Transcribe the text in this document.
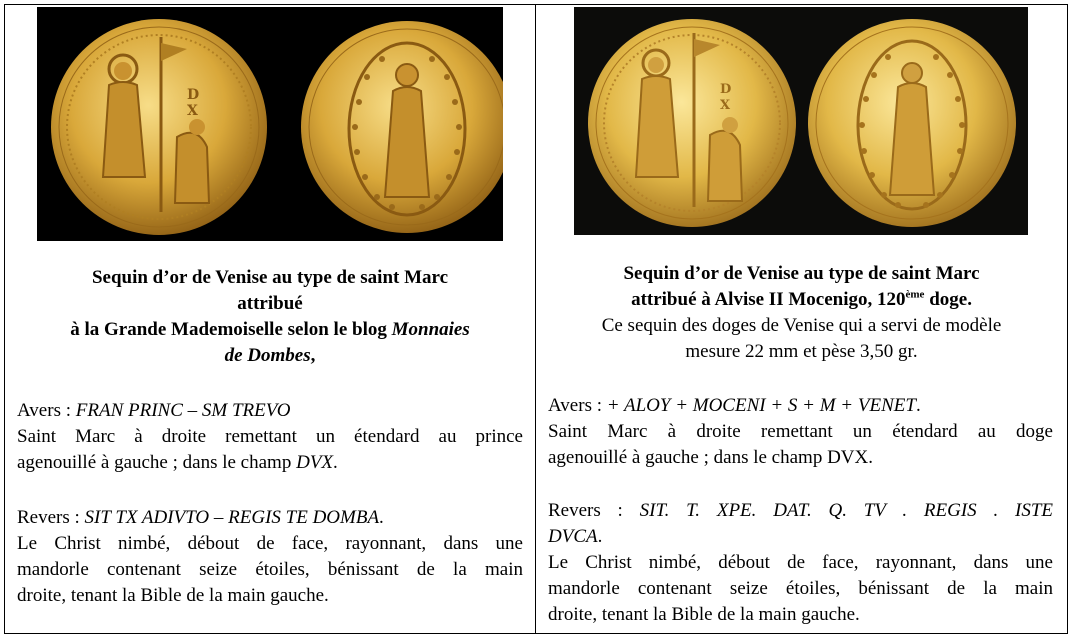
D
X
Sequin d’or de Venise au type de saint Marc
attribué
à la Grande Mademoiselle selon le blog Monnaies
de Dombes,

Avers : FRAN PRINC – SM TREVO

Saint Marc à droite remettant un étendard au prince

agenouillé à gauche ; dans le champ DVX.

Revers : SIT TX ADIVTO – REGIS TE DOMBA.

Le Christ nimbé, débout de face, rayonnant, dans une

mandorle contenant seize étoiles, bénissant de la main

droite, tenant la Bible de la main gauche.

D
X
Sequin d’or de Venise au type de saint Marc
attribué à Alvise II Mocenigo, 120ème doge.
Ce sequin des doges de Venise qui a servi de modèle
mesure 22 mm et pèse 3,50 gr.

Avers : + ALOY + MOCENI + S + M + VENET.

Saint Marc à droite remettant un étendard au doge

agenouillé à gauche ; dans le champ DVX.

Revers : SIT. T. XPE. DAT. Q. TV . REGIS . ISTE

DVCA.

Le Christ nimbé, débout de face, rayonnant, dans une

mandorle contenant seize étoiles, bénissant de la main

droite, tenant la Bible de la main gauche.
